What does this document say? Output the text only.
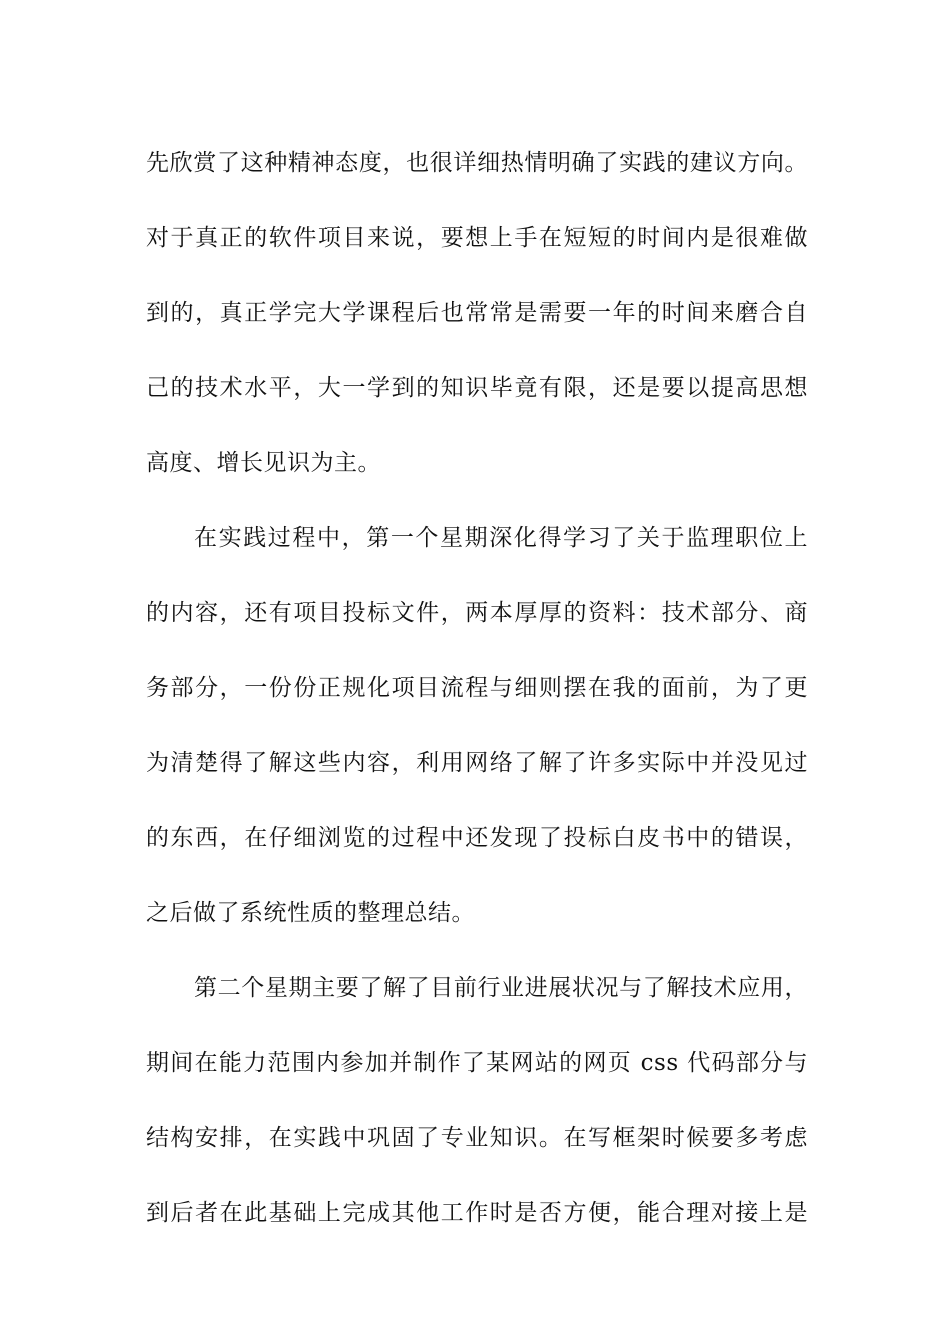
先欣赏了这种精神态度，也很详细热情明确了实践的建议方向。
对于真正的软件项目来说，要想上手在短短的时间内是很难做
到的，真正学完大学课程后也常常是需要一年的时间来磨合自
己的技术水平，大一学到的知识毕竟有限，还是要以提高思想
高度、增长见识为主。
在实践过程中，第一个星期深化得学习了关于监理职位上
的内容，还有项目投标文件，两本厚厚的资料：技术部分、商
务部分，一份份正规化项目流程与细则摆在我的面前，为了更
为清楚得了解这些内容，利用网络了解了许多实际中并没见过
的东西，在仔细浏览的过程中还发现了投标白皮书中的错误，
之后做了系统性质的整理总结。
第二个星期主要了解了目前行业进展状况与了解技术应用，
期间在能力范围内参加并制作了某网站的网页 css 代码部分与
结构安排，在实践中巩固了专业知识。在写框架时候要多考虑
到后者在此基础上完成其他工作时是否方便，能合理对接上是
